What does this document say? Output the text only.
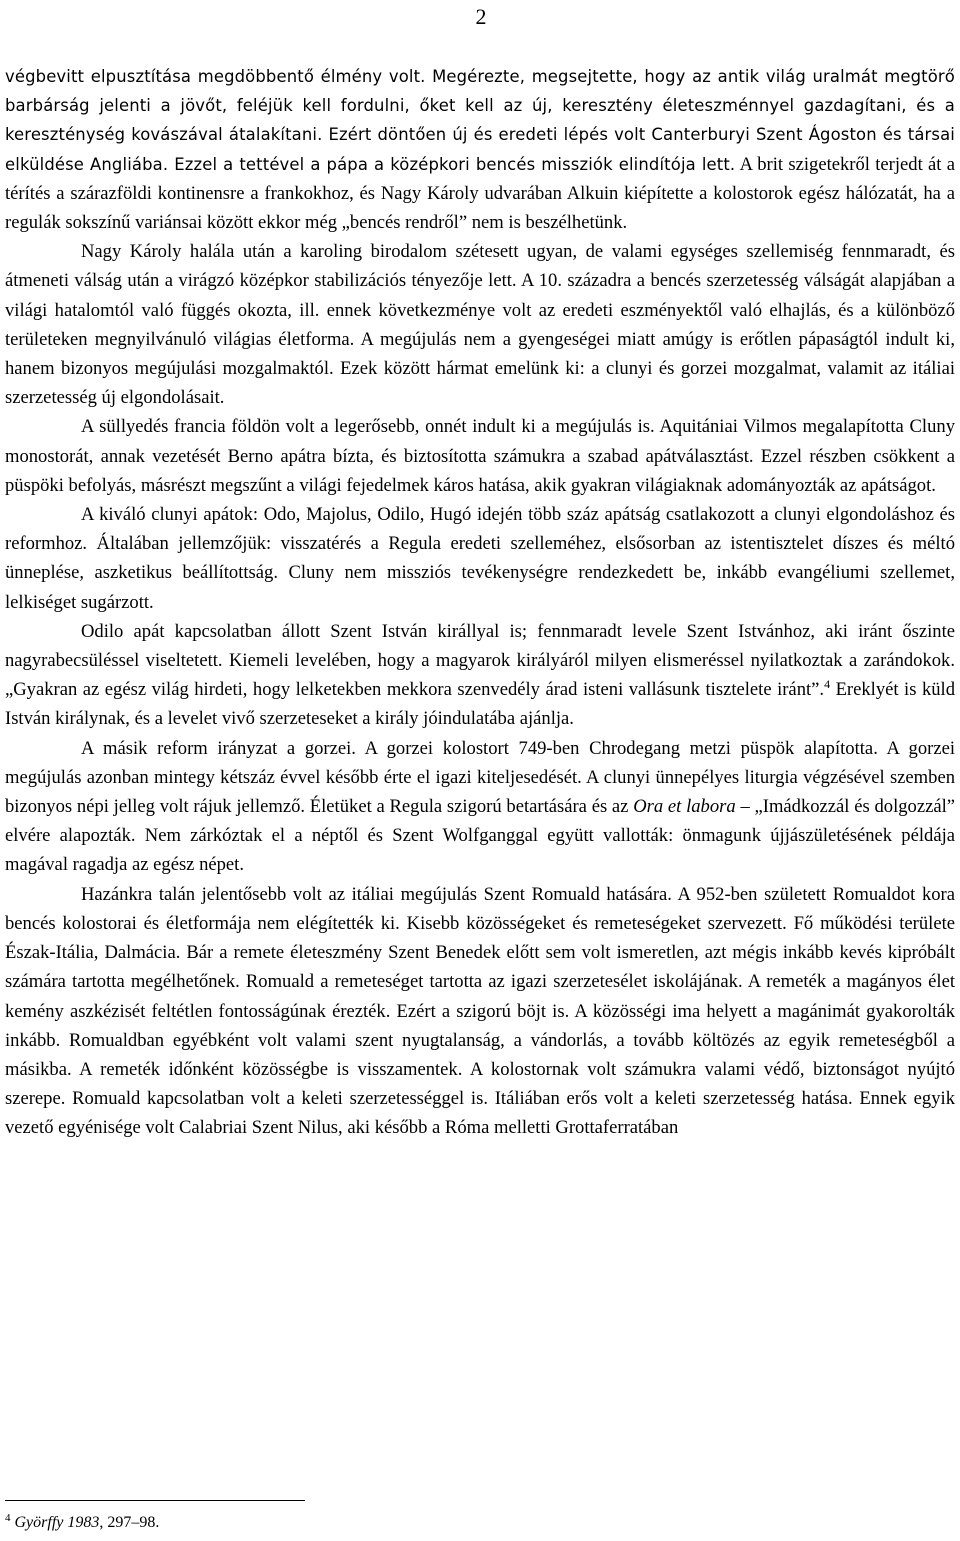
2

végbevitt elpusztítása megdöbbentő élmény volt. Megérezte, megsejtette, hogy az antik világ uralmát megtörő barbárság jelenti a jövőt, feléjük kell fordulni, őket kell az új, keresztény életeszménnyel gazdagítani, és a kereszténység kovászával átalakítani. Ezért döntően új és eredeti lépés volt Canterburyi Szent Ágoston és társai elküldése Angliába. Ezzel a tettével a pápa a középkori bencés missziók elindítója lett. A brit szigetekről terjedt át a térítés a szárazföldi kontinensre a frankokhoz, és Nagy Károly udvarában Alkuin kiépítette a kolostorok egész hálózatát, ha a regulák sokszínű variánsai között ekkor még „bencés rendről” nem is beszélhetünk.

Nagy Károly halála után a karoling birodalom szétesett ugyan, de valami egységes szellemiség fennmaradt, és átmeneti válság után a virágzó középkor stabilizációs tényezője lett. A 10. századra a bencés szerzetesség válságát alapjában a világi hatalomtól való függés okozta, ill. ennek következménye volt az eredeti eszményektől való elhajlás, és a különböző területeken megnyilvánuló világias életforma. A megújulás nem a gyengeségei miatt amúgy is erőtlen pápaságtól indult ki, hanem bizonyos megújulási mozgalmaktól. Ezek között hármat emelünk ki: a clunyi és gorzei mozgalmat, valamit az itáliai szerzetesség új elgondolásait.

A süllyedés francia földön volt a legerősebb, onnét indult ki a megújulás is. Aquitániai Vilmos megalapította Cluny monostorát, annak vezetését Berno apátra bízta, és biztosította számukra a szabad apátválasztást. Ezzel részben csökkent a püspöki befolyás, másrészt megszűnt a világi fejedelmek káros hatása, akik gyakran világiaknak adományozták az apátságot.

A kiváló clunyi apátok: Odo, Majolus, Odilo, Hugó idején több száz apátság csatlakozott a clunyi elgondoláshoz és reformhoz. Általában jellemzőjük: visszatérés a Regula eredeti szelleméhez, elsősorban az istentisztelet díszes és méltó ünneplése, aszketikus beállítottság. Cluny nem missziós tevékenységre rendezkedett be, inkább evangéliumi szellemet, lelkiséget sugárzott.

Odilo apát kapcsolatban állott Szent István királlyal is; fennmaradt levele Szent Istvánhoz, aki iránt őszinte nagyrabecsüléssel viseltetett. Kiemeli levelében, hogy a magyarok királyáról milyen elismeréssel nyilatkoztak a zarándokok. „Gyakran az egész világ hirdeti, hogy lelketekben mekkora szenvedély árad isteni vallásunk tisztelete iránt”.$^4$ Ereklyét is küld István királynak, és a levelet vivő szerzeteseket a király jóindulatába ajánlja.

A másik reform irányzat a gorzei. A gorzei kolostort 749-ben Chrodegang metzi püspök alapította. A gorzei megújulás azonban mintegy kétszáz évvel később érte el igazi kiteljesedését. A clunyi ünnepélyes liturgia végzésével szemben bizonyos népi jelleg volt rájuk jellemző. Életüket a Regula szigorú betartására és az Ora et labora – „Imádkozzál és dolgozzál” elvére alapozták. Nem zárkóztak el a néptől és Szent Wolfganggal együtt vallották: önmagunk újjászületésének példája magával ragadja az egész népet.

Hazánkra talán jelentősebb volt az itáliai megújulás Szent Romuald hatására. A 952-ben született Romualdot kora bencés kolostorai és életformája nem elégítették ki. Kisebb közösségeket és remeteségeket szervezett. Fő működési területe Észak-Itália, Dalmácia. Bár a remete életeszmény Szent Benedek előtt sem volt ismeretlen, azt mégis inkább kevés kipróbált számára tartotta megélhetőnek. Romuald a remeteséget tartotta az igazi szerzetesélet iskolájának. A remeték a magányos élet kemény aszkézisét feltétlen fontosságúnak érezték. Ezért a szigorú böjt is. A közösségi ima helyett a magánimát gyakorolták inkább. Romualdban egyébként volt valami szent nyugtalanság, a vándorlás, a tovább költözés az egyik remeteségből a másikba. A remeték időnként közösségbe is visszamentek. A kolostornak volt számukra valami védő, biztonságot nyújtó szerepe. Romuald kapcsolatban volt a keleti szerzetességgel is. Itáliában erős volt a keleti szerzetesség hatása. Ennek egyik vezető egyénisége volt Calabriai Szent Nilus, aki később a Róma melletti Grottaferratában

$^4$ Györffy 1983, 297–98.
